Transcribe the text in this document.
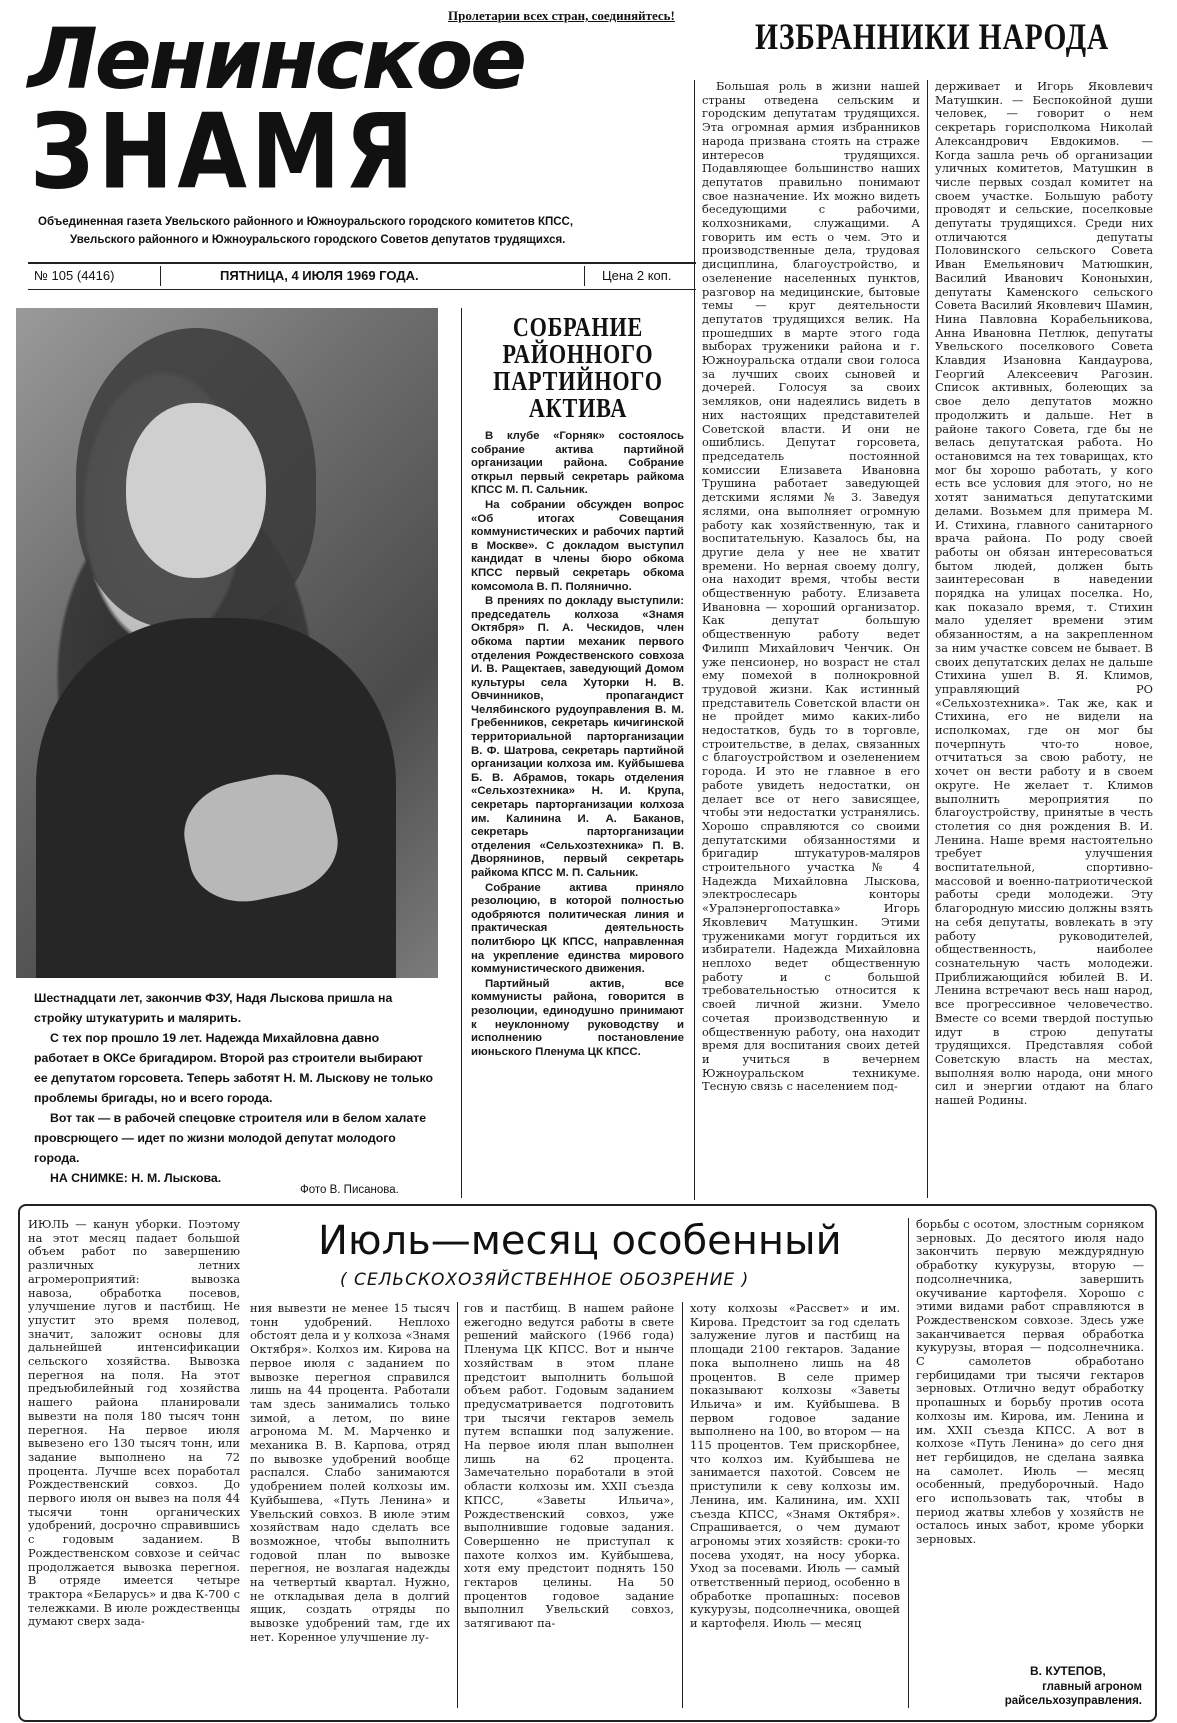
Пролетарии всех стран, соединяйтесь!
Ленинское
ЗНАМЯ
Объединенная газета Увельского районного и Южноуральского городского комитетов КПСС,
Увельского районного и Южноуральского городского Советов депутатов трудящихся.
№ 105 (4416)	ПЯТНИЦА, 4 ИЮЛЯ 1969 ГОДА.	Цена 2 коп.
Шестнадцати лет, закончив ФЗУ, Надя Лыскова пришла на стройку штукатурить и малярить.
С тех пор прошло 19 лет. Надежда Михайловна давно работает в ОКСе бригадиром. Второй раз строители выбирают ее депутатом горсовета. Теперь заботят Н. М. Лыскову не только проблемы бригады, но и всего города.
Вот так — в рабочей спецовке строителя или в белом халате провсрющего — идет по жизни молодой депутат молодого города.
НА СНИМКЕ: Н. М. Лыскова.
Фото В. Писанова.
СОБРАНИЕ РАЙОННОГО ПАРТИЙНОГО АКТИВА

В клубе «Горняк» состоялось собрание актива партийной организации района. Собрание открыл первый секретарь райкома КПСС М. П. Сальник.

На собрании обсужден вопрос «Об итогах Совещания коммунистических и рабочих партий в Москве». С докладом выступил кандидат в члены бюро обкома КПСС первый секретарь обкома комсомола В. П. Полянично.

В прениях по докладу выступили: председатель колхоза «Знамя Октября» П. А. Ческидов, член обкома партии механик первого отделения Рождественского совхоза И. В. Ращектаев, заведующий Домом культуры села Хуторки Н. В. Овчинников, пропагандист Челябинского рудоуправления В. М. Гребенников, секретарь кичигинской территориальной парторганизации В. Ф. Шатрова, секретарь партийной организации колхоза им. Куйбышева Б. В. Абрамов, токарь отделения «Сельхозтехника» Н. И. Крупа, секретарь парторганизации колхоза им. Калинина И. А. Баканов, секретарь парторганизации отделения «Сельхозтехника» П. В. Дворянинов, первый секретарь райкома КПСС М. П. Сальник.

Собрание актива приняло резолюцию, в которой полностью одобряются политическая линия и практическая деятельность политбюро ЦК КПСС, направленная на укрепление единства мирового коммунистического движения.

Партийный актив, все коммунисты района, говорится в резолюции, единодушно принимают к неуклонному руководству и исполнению постановление июньского Пленума ЦК КПСС.

ИЗБРАННИКИ НАРОДА
Большая роль в жизни нашей страны отведена сельским и городским депутатам трудящихся. Эта огромная армия избранников народа призвана стоять на страже интересов трудящихся. Подавляющее большинство наших депутатов правильно понимают свое назначение. Их можно видеть беседующими с рабочими, колхозниками, служащими. А говорить им есть о чем. Это и производственные дела, трудовая дисциплина, благоустройство, и озеленение населенных пунктов, разговор на медицинские, бытовые темы — круг деятельности депутатов трудящихся велик. На прошедших в марте этого года выборах труженики района и г. Южноуральска отдали свои голоса за лучших своих сыновей и дочерей. Голосуя за своих земляков, они надеялись видеть в них настоящих представителей Советской власти. И они не ошиблись. Депутат горсовета, председатель постоянной комиссии Елизавета Ивановна Трушина работает заведующей детскими яслями № 3. Заведуя яслями, она выполняет огромную работу как хозяйственную, так и воспитательную. Казалось бы, на другие дела у нее не хватит времени. Но верная своему долгу, она находит время, чтобы вести общественную работу. Елизавета Ивановна — хороший организатор. Как депутат большую общественную работу ведет Филипп Михайлович Ченчик. Он уже пенсионер, но возраст не стал ему помехой в полнокровной трудовой жизни. Как истинный представитель Советской власти он не пройдет мимо каких-либо недостатков, будь то в торговле, строительстве, в делах, связанных с благоустройством и озеленением города. И это не главное в его работе увидеть недостатки, он делает все от него зависящее, чтобы эти недостатки устранялись. Хорошо справляются со своими депутатскими обязанностями и бригадир штукатуров-маляров строительного участка № 4 Надежда Михайловна Лыскова, электрослесарь конторы «Уралэнергопоставка» Игорь Яковлевич Матушкин. Этими тружениками могут гордиться их избиратели. Надежда Михайловна неплохо ведет общественную работу и с большой требовательностью относится к своей личной жизни. Умело сочетая производственную и общественную работу, она находит время для воспитания своих детей и учиться в вечернем Южноуральском техникуме. Тесную связь с населением под-
держивает и Игорь Яковлевич Матушкин. — Беспокойной души человек, — говорит о нем секретарь горисполкома Николай Александрович Евдокимов. — Когда зашла речь об организации уличных комитетов, Матушкин в числе первых создал комитет на своем участке. Большую работу проводят и сельские, поселковые депутаты трудящихся. Среди них отличаются депутаты Половинского сельского Совета Иван Емельянович Матюшкин, Василий Иванович Кононыхин, депутаты Каменского сельского Совета Василий Яковлевич Шамин, Нина Павловна Корабельникова, Анна Ивановна Петлюк, депутаты Увельского поселкового Совета Клавдия Изановна Кандаурова, Георгий Алексеевич Рагозин. Список активных, болеющих за свое дело депутатов можно продолжить и дальше. Нет в районе такого Совета, где бы не велась депутатская работа. Но остановимся на тех товарищах, кто мог бы хорошо работать, у кого есть все условия для этого, но не хотят заниматься депутатскими делами. Возьмем для примера М. И. Стихина, главного санитарного врача района. По роду своей работы он обязан интересоваться бытом людей, должен быть заинтересован в наведении порядка на улицах поселка. Но, как показало время, т. Стихин мало уделяет времени этим обязанностям, а на закрепленном за ним участке совсем не бывает. В своих депутатских делах не дальше Стихина ушел В. Я. Климов, управляющий РО «Сельхозтехника». Так же, как и Стихина, его не видели на исполкомах, где он мог бы почерпнуть что-то новое, отчитаться за свою работу, не хочет он вести работу и в своем округе. Не желает т. Климов выполнить мероприятия по благоустройству, принятые в честь столетия со дня рождения В. И. Ленина. Наше время настоятельно требует улучшения воспитательной, спортивно-массовой и военно-патриотической работы среди молодежи. Эту благородную миссию должны взять на себя депутаты, вовлекать в эту работу руководителей, общественность, наиболее сознательную часть молодежи. Приближающийся юбилей В. И. Ленина встречают весь наш народ, все прогрессивное человечество. Вместе со всеми твердой поступью идут в строю депутаты трудящихся. Представляя собой Советскую власть на местах, выполняя волю народа, они много сил и энергии отдают на благо нашей Родины.
Июль—месяц особенный
( СЕЛЬСКОХОЗЯЙСТВЕННОЕ ОБОЗРЕНИЕ )
ИЮЛЬ — канун уборки. Поэтому на этот месяц падает большой объем работ по завершению различных летних агромероприятий: вывозка навоза, обработка посевов, улучшение лугов и пастбищ. Не упустит это время полевод, значит, заложит основы для дальнейшей интенсификации сельского хозяйства. Вывозка перегноя на поля. На этот предъюбилейный год хозяйства нашего района планировали вывезти на поля 180 тысяч тонн перегноя. На первое июля вывезено его 130 тысяч тонн, или задание выполнено на 72 процента. Лучше всех поработал Рождественский совхоз. До первого июля он вывез на поля 44 тысячи тонн органических удобрений, досрочно справившись с годовым заданием. В Рождественском совхозе и сейчас продолжается вывозка перегноя. В отряде имеется четыре трактора «Беларусь» и два К-700 с тележками. В июле рождественцы думают сверх зада-
ния вывезти не менее 15 тысяч тонн удобрений. Неплохо обстоят дела и у колхоза «Знамя Октября». Колхоз им. Кирова на первое июля с заданием по вывозке перегноя справился лишь на 44 процента. Работали там здесь занимались только зимой, а летом, по вине агронома М. М. Марченко и механика В. В. Карпова, отряд по вывозке удобрений вообще распался. Слабо занимаются удобрением полей колхозы им. Куйбышева, «Путь Ленина» и Увельский совхоз. В июле этим хозяйствам надо сделать все возможное, чтобы выполнить годовой план по вывозке перегноя, не возлагая надежды на четвертый квартал. Нужно, не откладывая дела в долгий ящик, создать отряды по вывозке удобрений там, где их нет. Коренное улучшение лу-
гов и пастбищ. В нашем районе ежегодно ведутся работы в свете решений майского (1966 года) Пленума ЦК КПСС. Вот и нынче хозяйствам в этом плане предстоит выполнить большой объем работ. Годовым заданием предусматривается подготовить три тысячи гектаров земель путем вспашки под залужение. На первое июля план выполнен лишь на 62 процента. Замечательно поработали в этой области колхозы им. XXII съезда КПСС, «Заветы Ильича», Рождественский совхоз, уже выполнившие годовые задания. Совершенно не приступал к пахоте колхоз им. Куйбышева, хотя ему предстоит поднять 150 гектаров целины. На 50 процентов годовое задание выполнил Увельский совхоз, затягивают па-
хоту колхозы «Рассвет» и им. Кирова. Предстоит за год сделать залужение лугов и пастбищ на площади 2100 гектаров. Задание пока выполнено лишь на 48 процентов. В селе пример показывают колхозы «Заветы Ильича» и им. Куйбышева. В первом годовое задание выполнено на 100, во втором — на 115 процентов. Тем прискорбнее, что колхоз им. Куйбышева не занимается пахотой. Совсем не приступили к севу колхозы им. Ленина, им. Калинина, им. XXII съезда КПСС, «Знамя Октября». Спрашивается, о чем думают агрономы этих хозяйств: сроки-то посева уходят, на носу уборка. Уход за посевами. Июль — самый ответственный период, особенно в обработке пропашных: посевов кукурузы, подсолнечника, овощей и картофеля. Июль — месяц
борьбы с осотом, злостным сорняком зерновых. До десятого июля надо закончить первую междурядную обработку кукурузы, вторую — подсолнечника, завершить окучивание картофеля. Хорошо с этими видами работ справляются в Рождественском совхозе. Здесь уже заканчивается первая обработка кукурузы, вторая — подсолнечника. С самолетов обработано гербицидами три тысячи гектаров зерновых. Отлично ведут обработку пропашных и борьбу против осота колхозы им. Кирова, им. Ленина и им. XXII съезда КПСС. А вот в колхозе «Путь Ленина» до сего дня нет гербицидов, не сделана заявка на самолет. Июль — месяц особенный, предуборочный. Надо его использовать так, чтобы в период жатвы хлебов у хозяйств не осталось иных забот, кроме уборки зерновых.
В. КУТЕПОВ,
главный агроном райсельхозуправления.
